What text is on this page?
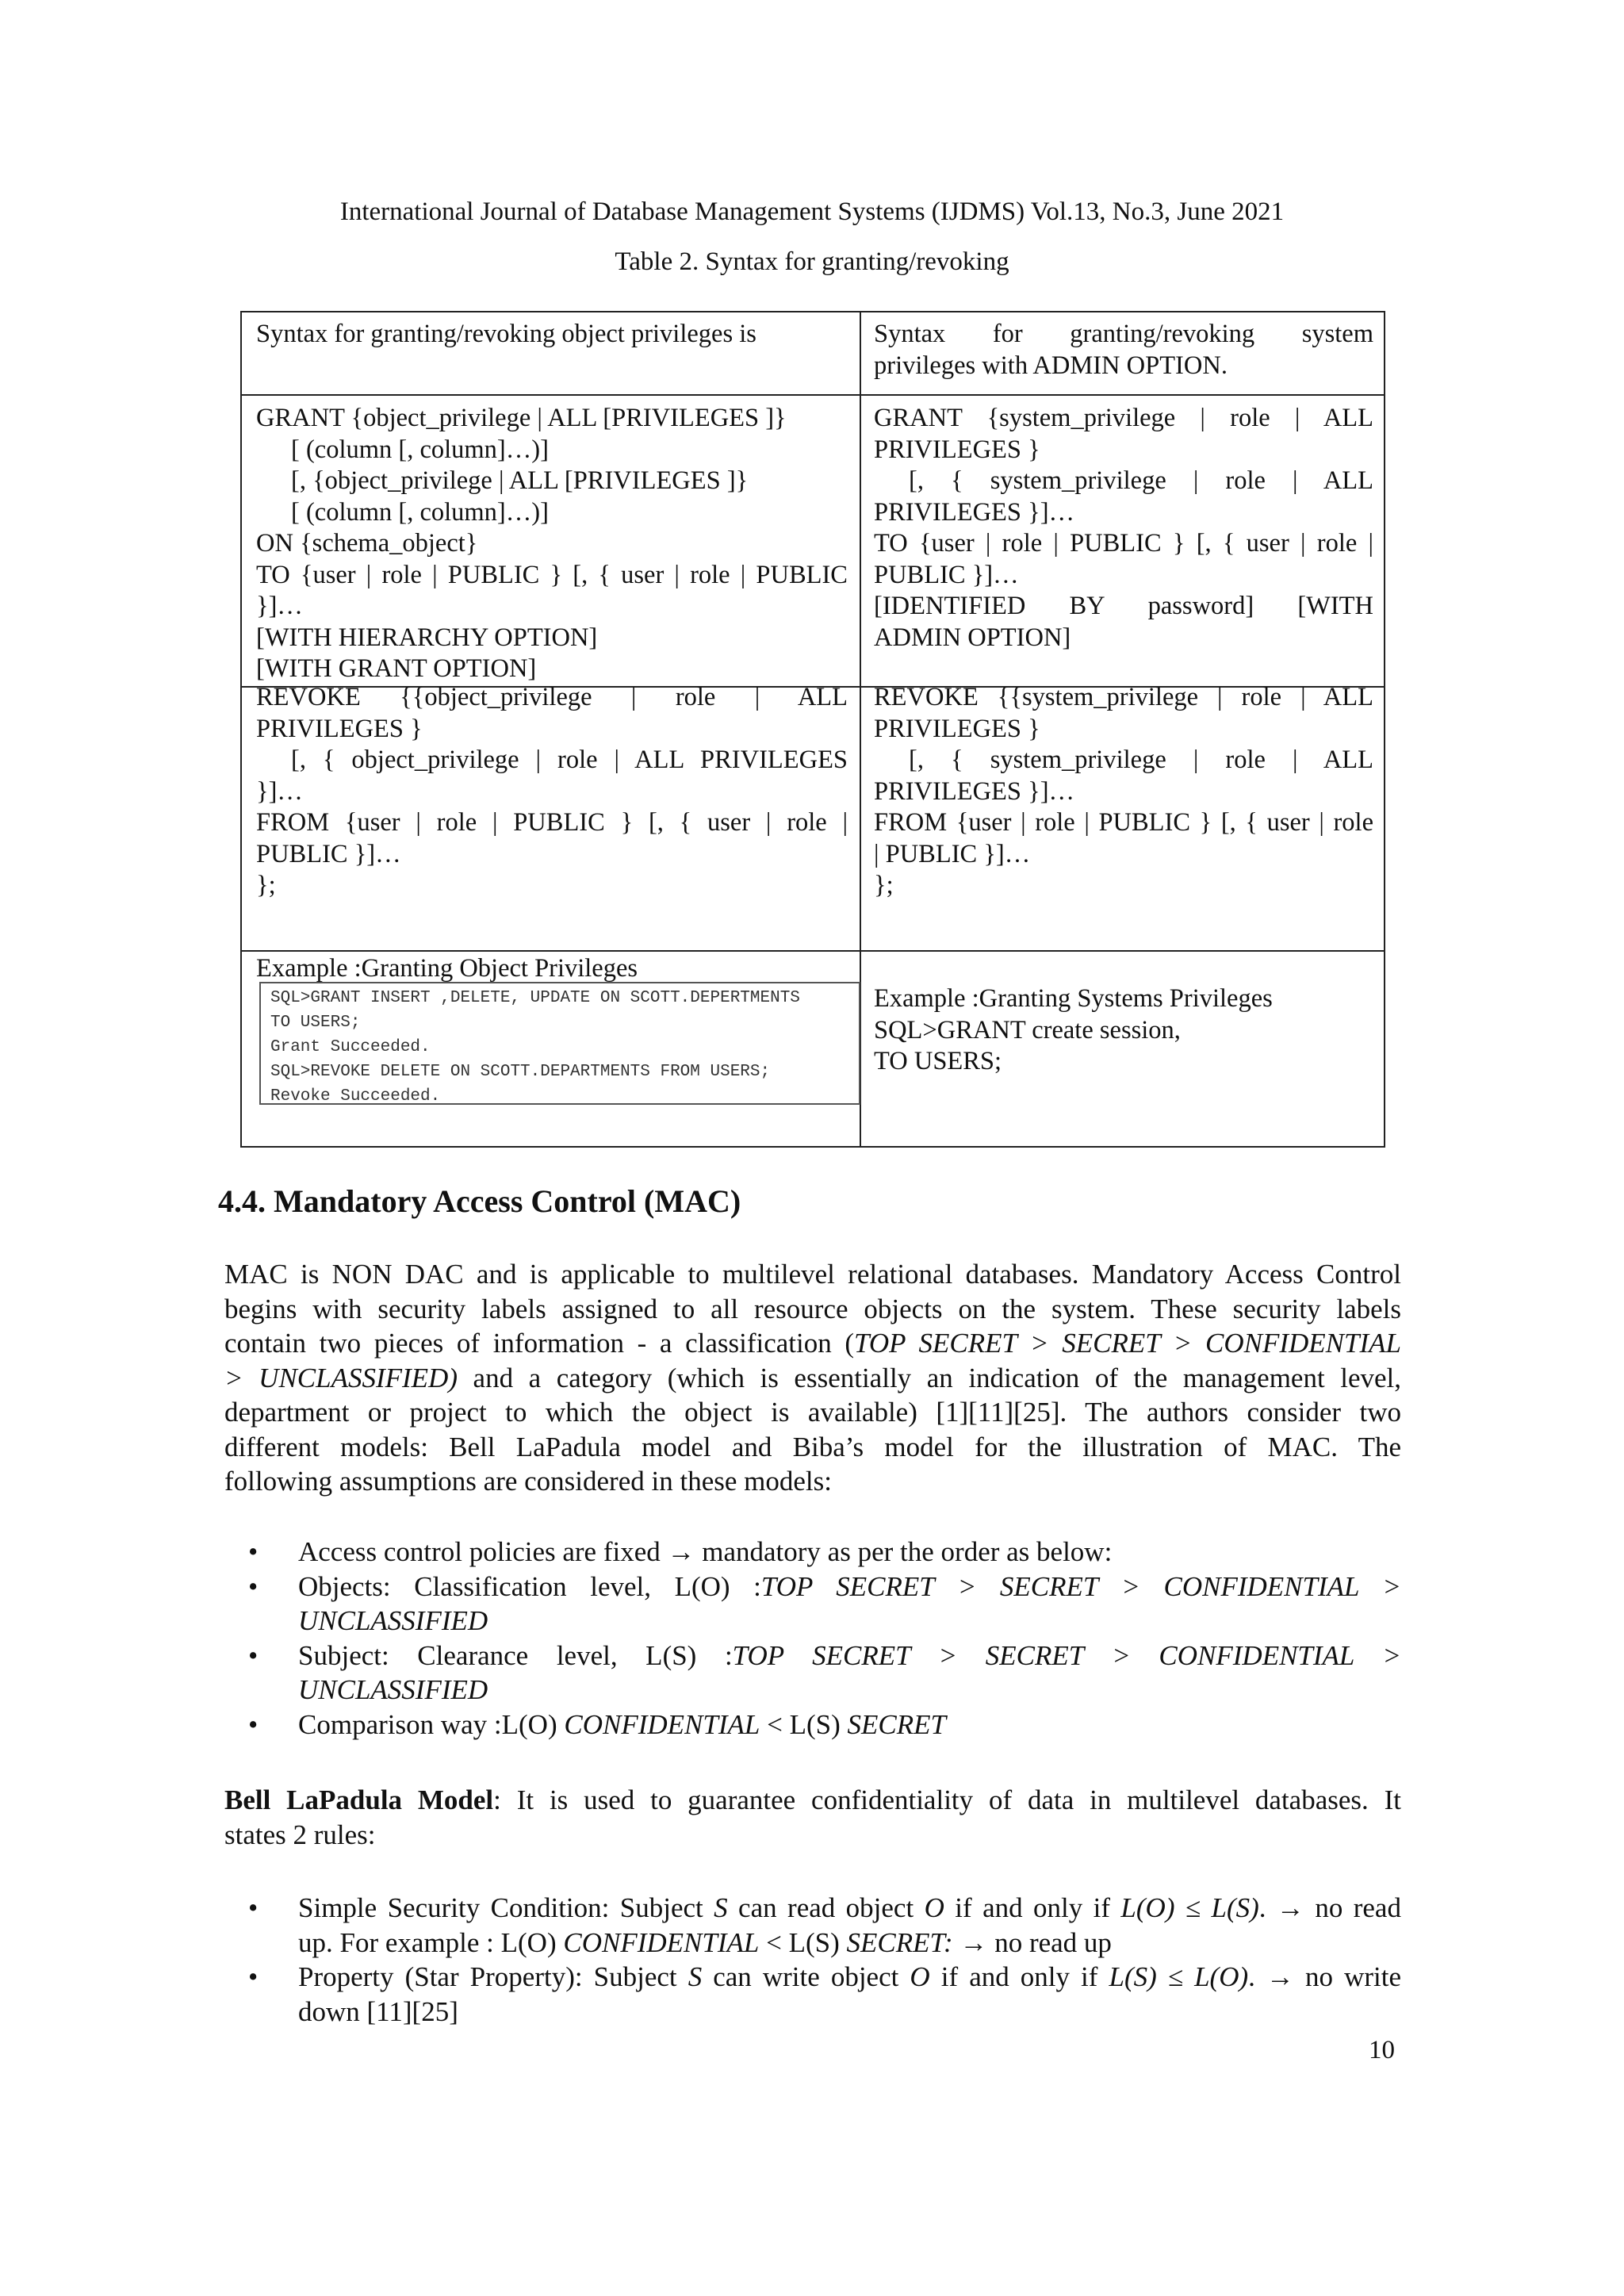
International Journal of Database Management Systems (IJDMS) Vol.13, No.3, June 2021
Table 2. Syntax for granting/revoking
Syntax for granting/revoking object privileges is	Syntax for granting/revoking system
privileges with ADMIN OPTION.
GRANT {object_privilege | ALL [PRIVILEGES ]}
[ (column [, column]…)]
[, {object_privilege | ALL [PRIVILEGES ]}
[ (column [, column]…)]
ON {schema_object}
TO {user | role | PUBLIC } [, { user | role | PUBLIC
}]…
[WITH HIERARCHY OPTION]
[WITH GRANT OPTION]
GRANT {system_privilege | role | ALL
PRIVILEGES }
[, { system_privilege | role | ALL
PRIVILEGES }]…
TO {user | role | PUBLIC } [, { user | role |
PUBLIC }]…
[IDENTIFIED BY password] [WITH
ADMIN OPTION]
REVOKE {{object_privilege | role | ALL
PRIVILEGES }
[, { object_privilege | role | ALL PRIVILEGES
}]…
FROM {user | role | PUBLIC } [, { user | role |
PUBLIC }]…
};
REVOKE {{system_privilege | role | ALL
PRIVILEGES }
[, { system_privilege | role | ALL
PRIVILEGES }]…
FROM {user | role | PUBLIC } [, { user | role
| PUBLIC }]…
};
Example :Granting Object Privileges
SQL>GRANT INSERT ,DELETE, UPDATE ON SCOTT.DEPERTMENTS
TO USERS;
Grant Succeeded.
SQL>REVOKE DELETE ON SCOTT.DEPARTMENTS FROM USERS;
Revoke Succeeded.
Example :Granting Systems Privileges
SQL>GRANT create session,
TO USERS;
4.4. Mandatory Access Control (MAC)
MAC is NON DAC and is applicable to multilevel relational databases. Mandatory Access Control
begins with security labels assigned to all resource objects on the system. These security labels
contain two pieces of information - a classification (TOP SECRET > SECRET > CONFIDENTIAL
> UNCLASSIFIED) and a category (which is essentially an indication of the management level,
department or project to which the object is available) [1][11][25]. The authors consider two
different models: Bell LaPadula model and Biba’s model for the illustration of MAC. The
following assumptions are considered in these models:
• Access control policies are fixed → mandatory as per the order as below:
• Objects: Classification level, L(O) :TOP SECRET > SECRET > CONFIDENTIAL >
UNCLASSIFIED
• Subject: Clearance level, L(S) :TOP SECRET > SECRET > CONFIDENTIAL >
UNCLASSIFIED
• Comparison way :L(O) CONFIDENTIAL < L(S) SECRET
Bell LaPadula Model: It is used to guarantee confidentiality of data in multilevel databases. It
states 2 rules:
• Simple Security Condition: Subject S can read object O if and only if L(O) ≤ L(S). → no read
up. For example : L(O) CONFIDENTIAL < L(S) SECRET: → no read up
• Property (Star Property): Subject S can write object O if and only if L(S) ≤ L(O). → no write
down [11][25]
10
